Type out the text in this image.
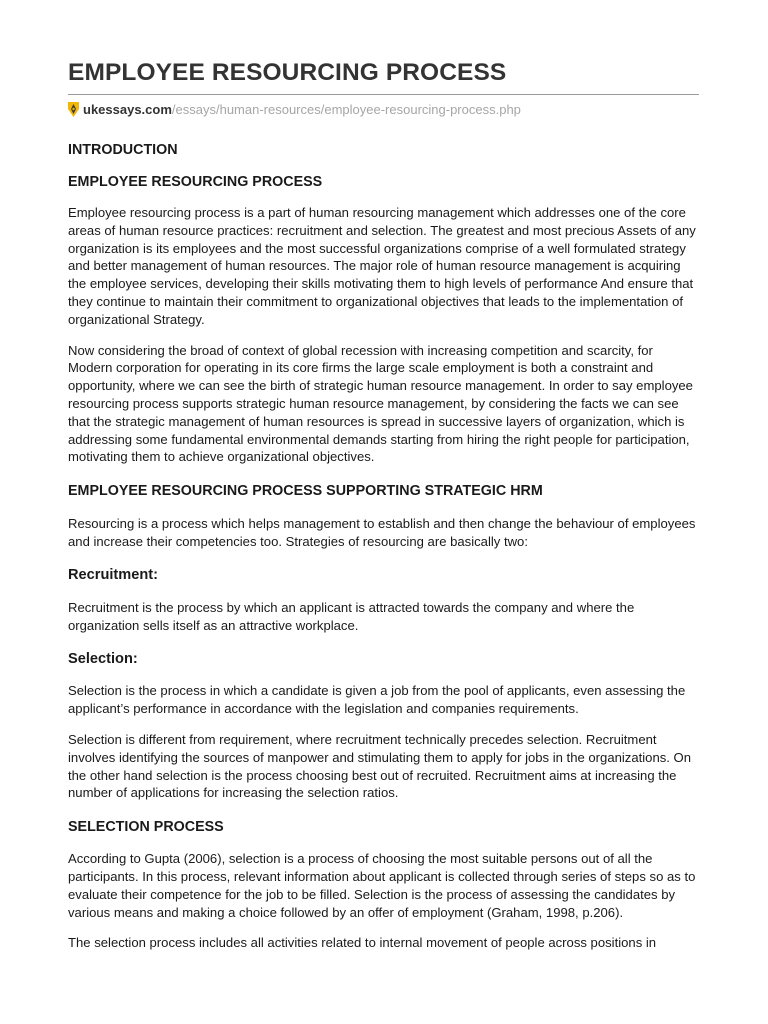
EMPLOYEE RESOURCING PROCESS
ukessays.com /essays/human-resources/employee-resourcing-process.php
INTRODUCTION
EMPLOYEE RESOURCING PROCESS

Employee resourcing process is a part of human resourcing management which addresses one of the core areas of human resource practices: recruitment and selection. The greatest and most precious Assets of any organization is its employees and the most successful organizations comprise of a well formulated strategy and better management of human resources. The major role of human resource management is acquiring the employee services, developing their skills motivating them to high levels of performance And ensure that they continue to maintain their commitment to organizational objectives that leads to the implementation of organizational Strategy.

Now considering the broad of context of global recession with increasing competition and scarcity, for Modern corporation for operating in its core firms the large scale employment is both a constraint and opportunity, where we can see the birth of strategic human resource management. In order to say employee resourcing process supports strategic human resource management, by considering the facts we can see that the strategic management of human resources is spread in successive layers of organization, which is addressing some fundamental environmental demands starting from hiring the right people for participation, motivating them to achieve organizational objectives.

EMPLOYEE RESOURCING PROCESS SUPPORTING STRATEGIC HRM

Resourcing is a process which helps management to establish and then change the behaviour of employees and increase their competencies too. Strategies of resourcing are basically two:

Recruitment:

Recruitment is the process by which an applicant is attracted towards the company and where the organization sells itself as an attractive workplace.

Selection:

Selection is the process in which a candidate is given a job from the pool of applicants, even assessing the applicant’s performance in accordance with the legislation and companies requirements.

Selection is different from requirement, where recruitment technically precedes selection. Recruitment involves identifying the sources of manpower and stimulating them to apply for jobs in the organizations. On the other hand selection is the process choosing best out of recruited. Recruitment aims at increasing the number of applications for increasing the selection ratios.

SELECTION PROCESS

According to Gupta (2006), selection is a process of choosing the most suitable persons out of all the participants. In this process, relevant information about applicant is collected through series of steps so as to evaluate their competence for the job to be filled. Selection is the process of assessing the candidates by various means and making a choice followed by an offer of employment (Graham, 1998, p.206).

The selection process includes all activities related to internal movement of people across positions in
